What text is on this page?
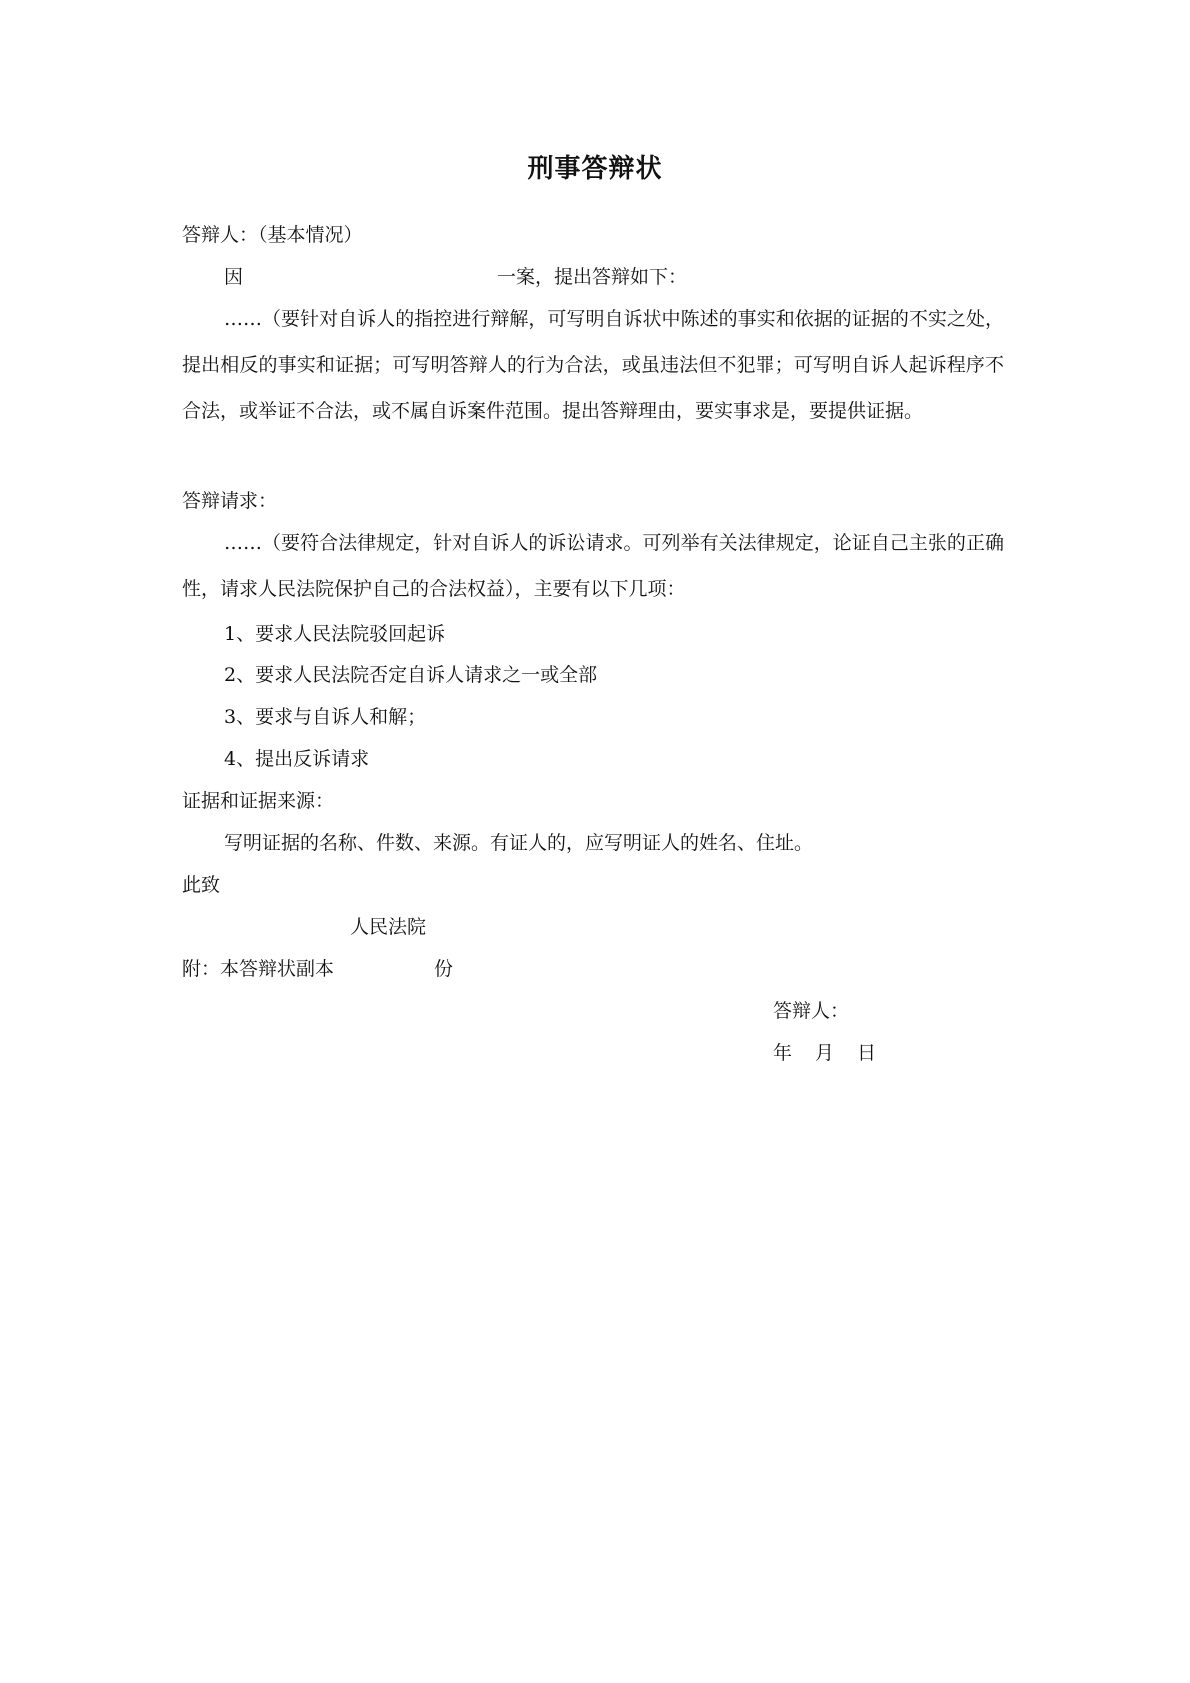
刑事答辩状
答辩人：（基本情况）
因	一案，提出答辩如下：
……（要针对自诉人的指控进行辩解，可写明自诉状中陈述的事实和依据的证据的不实之处，提出相反的事实和证据；可写明答辩人的行为合法，或虽违法但不犯罪；可写明自诉人起诉程序不合法，或举证不合法，或不属自诉案件范围。提出答辩理由，要实事求是，要提供证据。
答辩请求：
……（要符合法律规定，针对自诉人的诉讼请求。可列举有关法律规定，论证自己主张的正确性，请求人民法院保护自己的合法权益），主要有以下几项：
1、要求人民法院驳回起诉
2、要求人民法院否定自诉人请求之一或全部
3、要求与自诉人和解；
4、提出反诉请求
证据和证据来源：
写明证据的名称、件数、来源。有证人的，应写明证人的姓名、住址。
此致
人民法院
附：本答辩状副本	份
答辩人：
年 月 日
